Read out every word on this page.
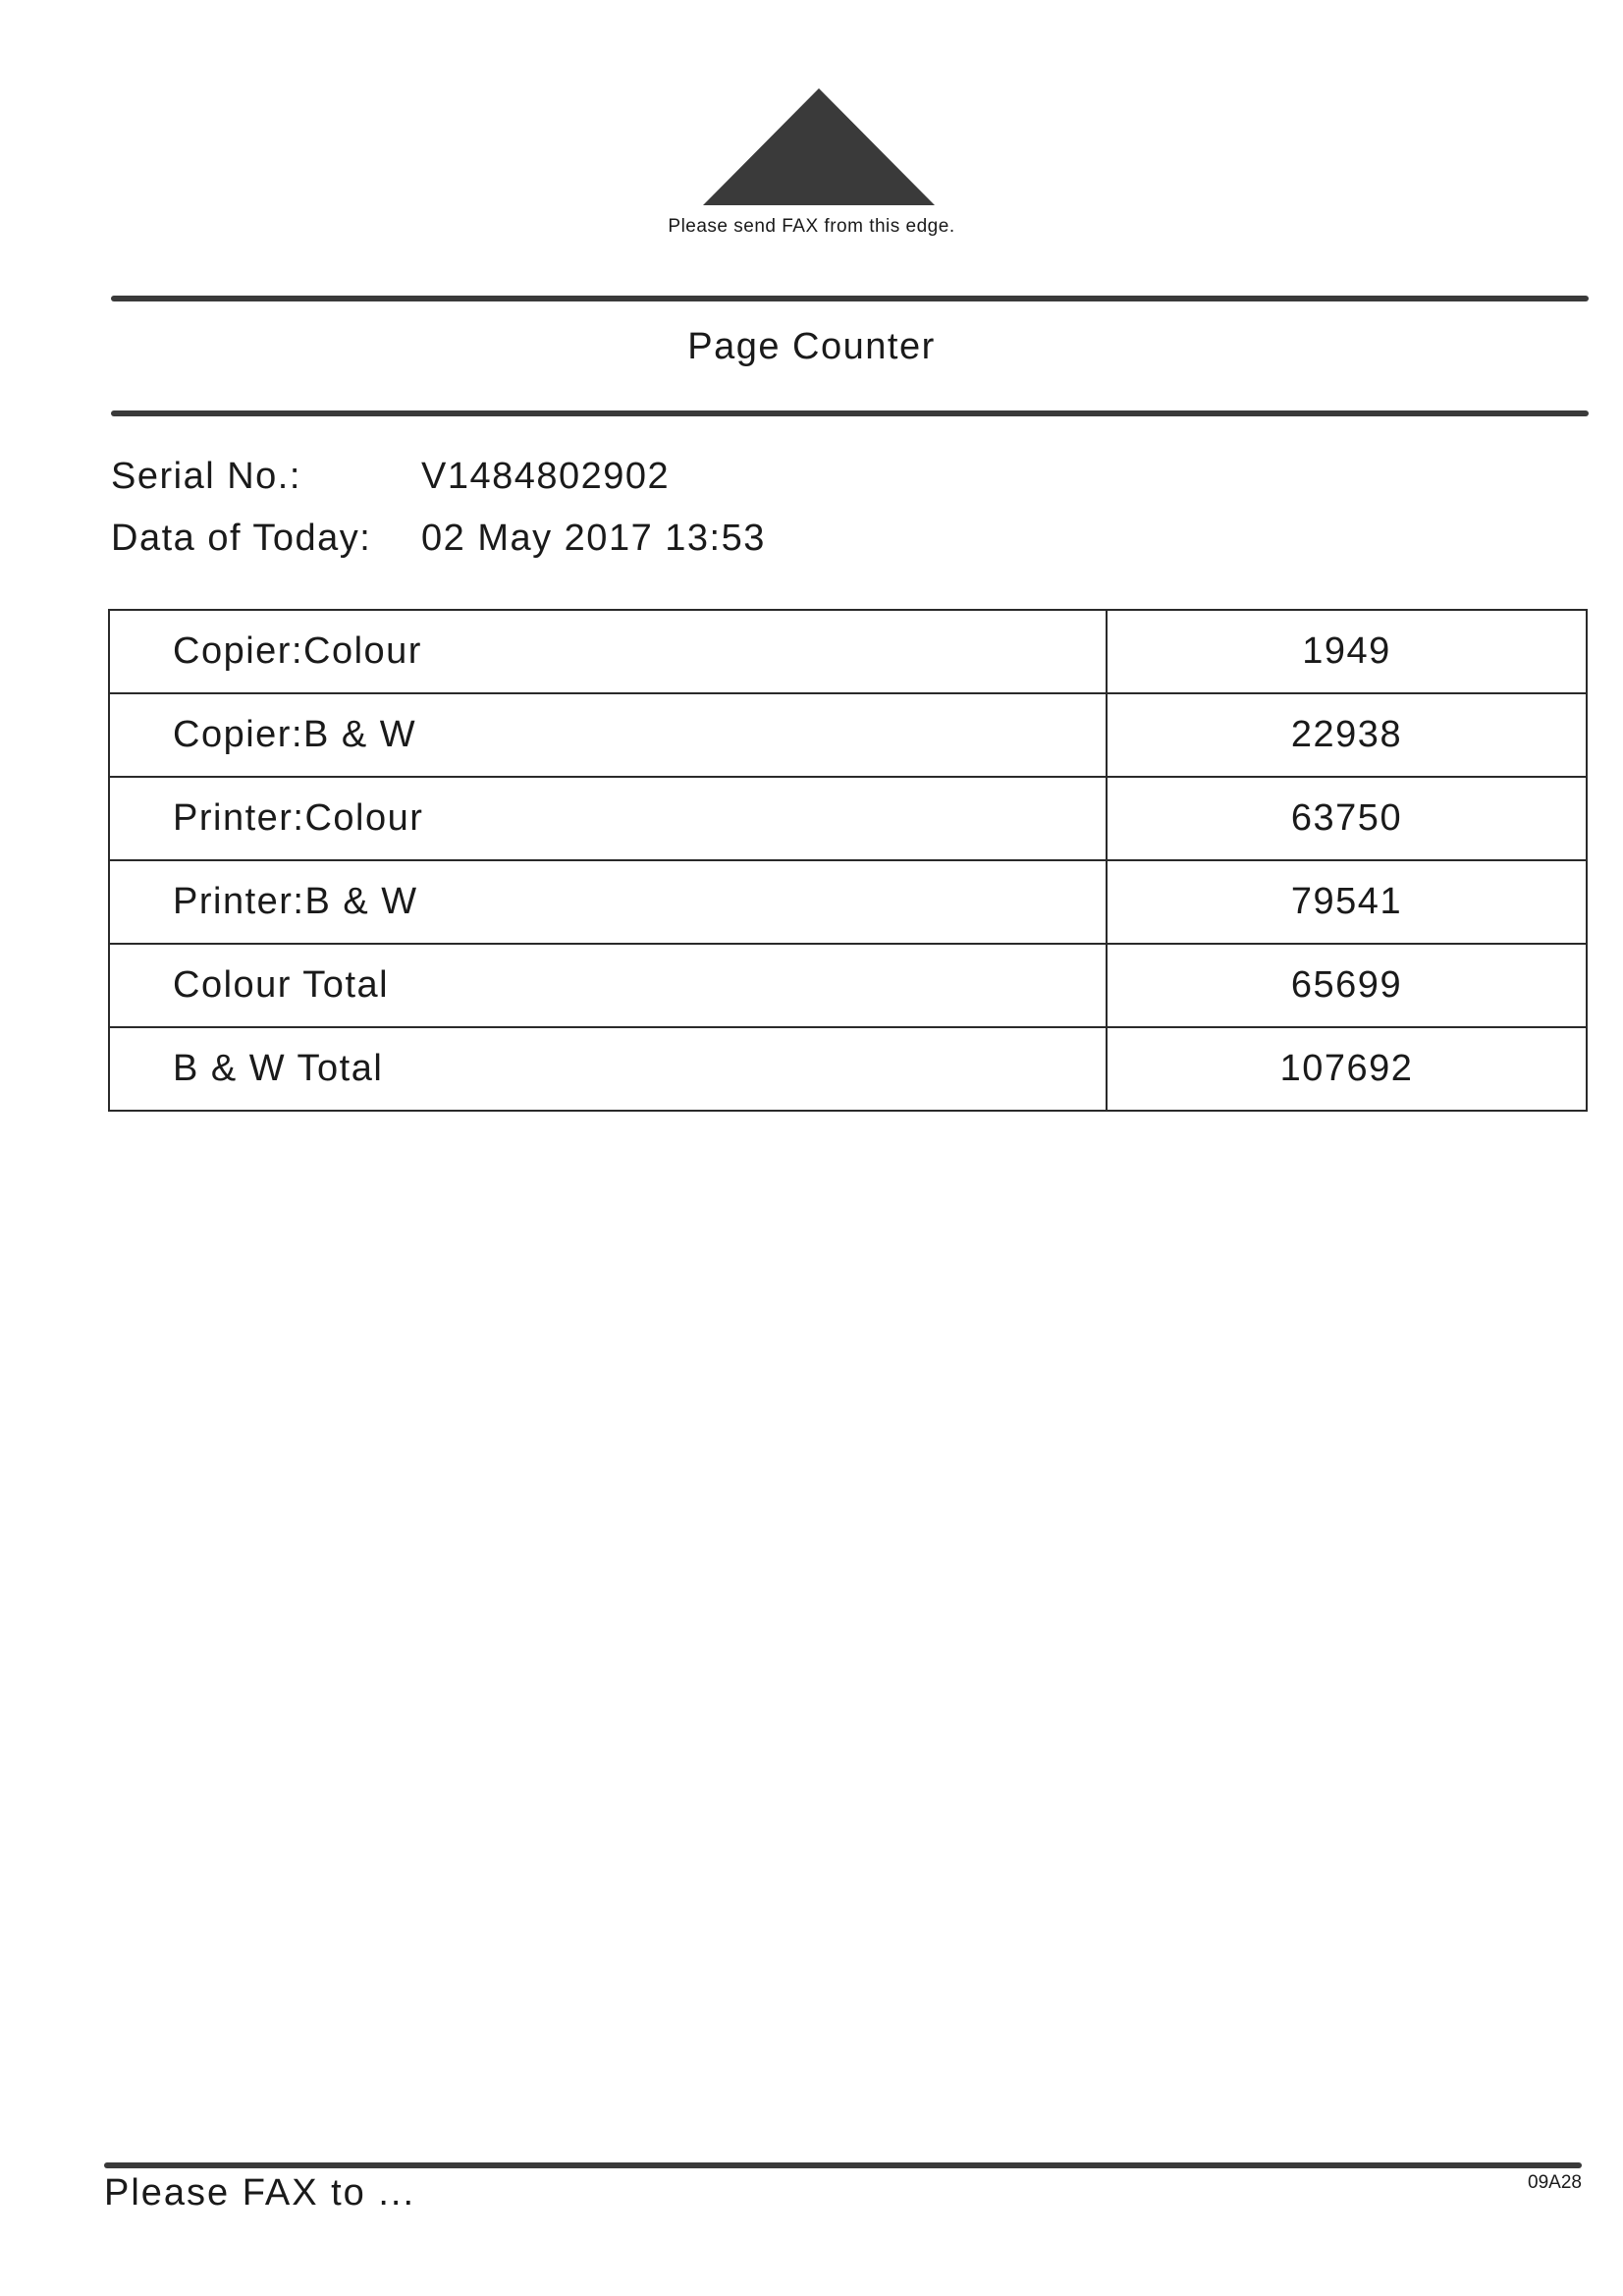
Please send FAX from this edge.
Page Counter
Serial No.:	V1484802902
Data of Today: 02 May 2017 13:53
Copier:Colour	1949
Copier:B & W	22938
Printer:Colour	63750
Printer:B & W	79541
Colour Total	65699
B & W Total	107692
Please FAX to ...	09A28
